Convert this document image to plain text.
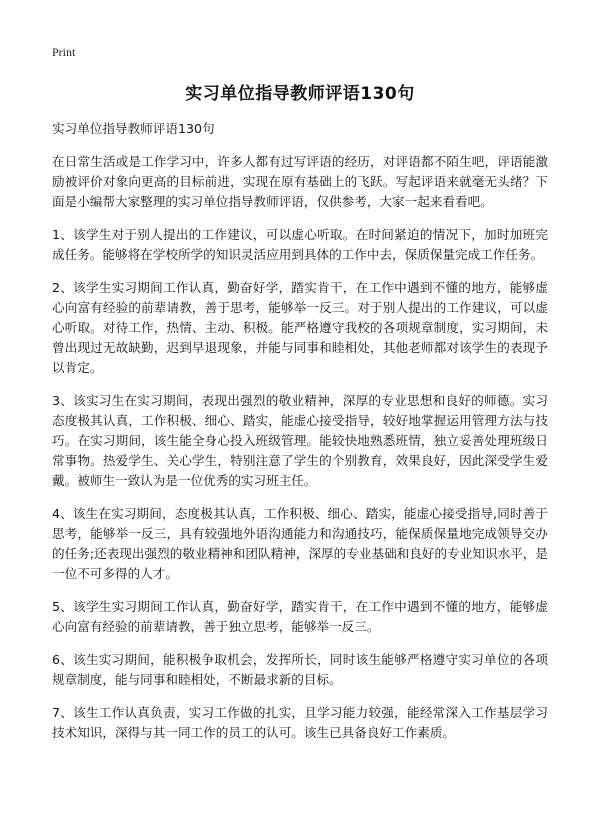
Print
实习单位指导教师评语130句

实习单位指导教师评语130句

在日常生活或是工作学习中，许多人都有过写评语的经历，对评语都不陌生吧，评语能激励被评价对象向更高的目标前进，实现在原有基础上的飞跃。写起评语来就毫无头绪？下面是小编帮大家整理的实习单位指导教师评语，仅供参考，大家一起来看看吧。

1、该学生对于别人提出的工作建议，可以虚心听取。在时间紧迫的情况下，加时加班完成任务。能够将在学校所学的知识灵活应用到具体的工作中去，保质保量完成工作任务。

2、该学生实习期间工作认真，勤奋好学，踏实肯干，在工作中遇到不懂的地方，能够虚心向富有经验的前辈请教，善于思考，能够举一反三。对于别人提出的工作建议，可以虚心听取。对待工作，热情、主动、积极。能严格遵守我校的各项规章制度，实习期间，未曾出现过无故缺勤，迟到早退现象，并能与同事和睦相处，其他老师都对该学生的表现予以肯定。

3、该实习生在实习期间，表现出强烈的敬业精神，深厚的专业思想和良好的师德。实习态度极其认真，工作积极、细心、踏实，能虚心接受指导，较好地掌握运用管理方法与技巧。在实习期间，该生能全身心投入班级管理。能较快地熟悉班情，独立妥善处理班级日常事物。热爱学生、关心学生，特别注意了学生的个别教育，效果良好，因此深受学生爱戴。被师生一致认为是一位优秀的实习班主任。

4、该生在实习期间，态度极其认真，工作积极、细心、踏实，能虚心接受指导,同时善于思考，能够举一反三，具有较强地外语沟通能力和沟通技巧，能保质保量地完成领导交办的任务;还表现出强烈的敬业精神和团队精神，深厚的专业基础和良好的专业知识水平，是一位不可多得的人才。

5、该学生实习期间工作认真，勤奋好学，踏实肯干，在工作中遇到不懂的地方，能够虚心向富有经验的前辈请教，善于独立思考，能够举一反三。

6、该生实习期间，能积极争取机会，发挥所长，同时该生能够严格遵守实习单位的各项规章制度，能与同事和睦相处，不断最求新的目标。

7、该生工作认真负责，实习工作做的扎实，且学习能力较强，能经常深入工作基层学习技术知识，深得与其一同工作的员工的认可。该生已具备良好工作素质。
